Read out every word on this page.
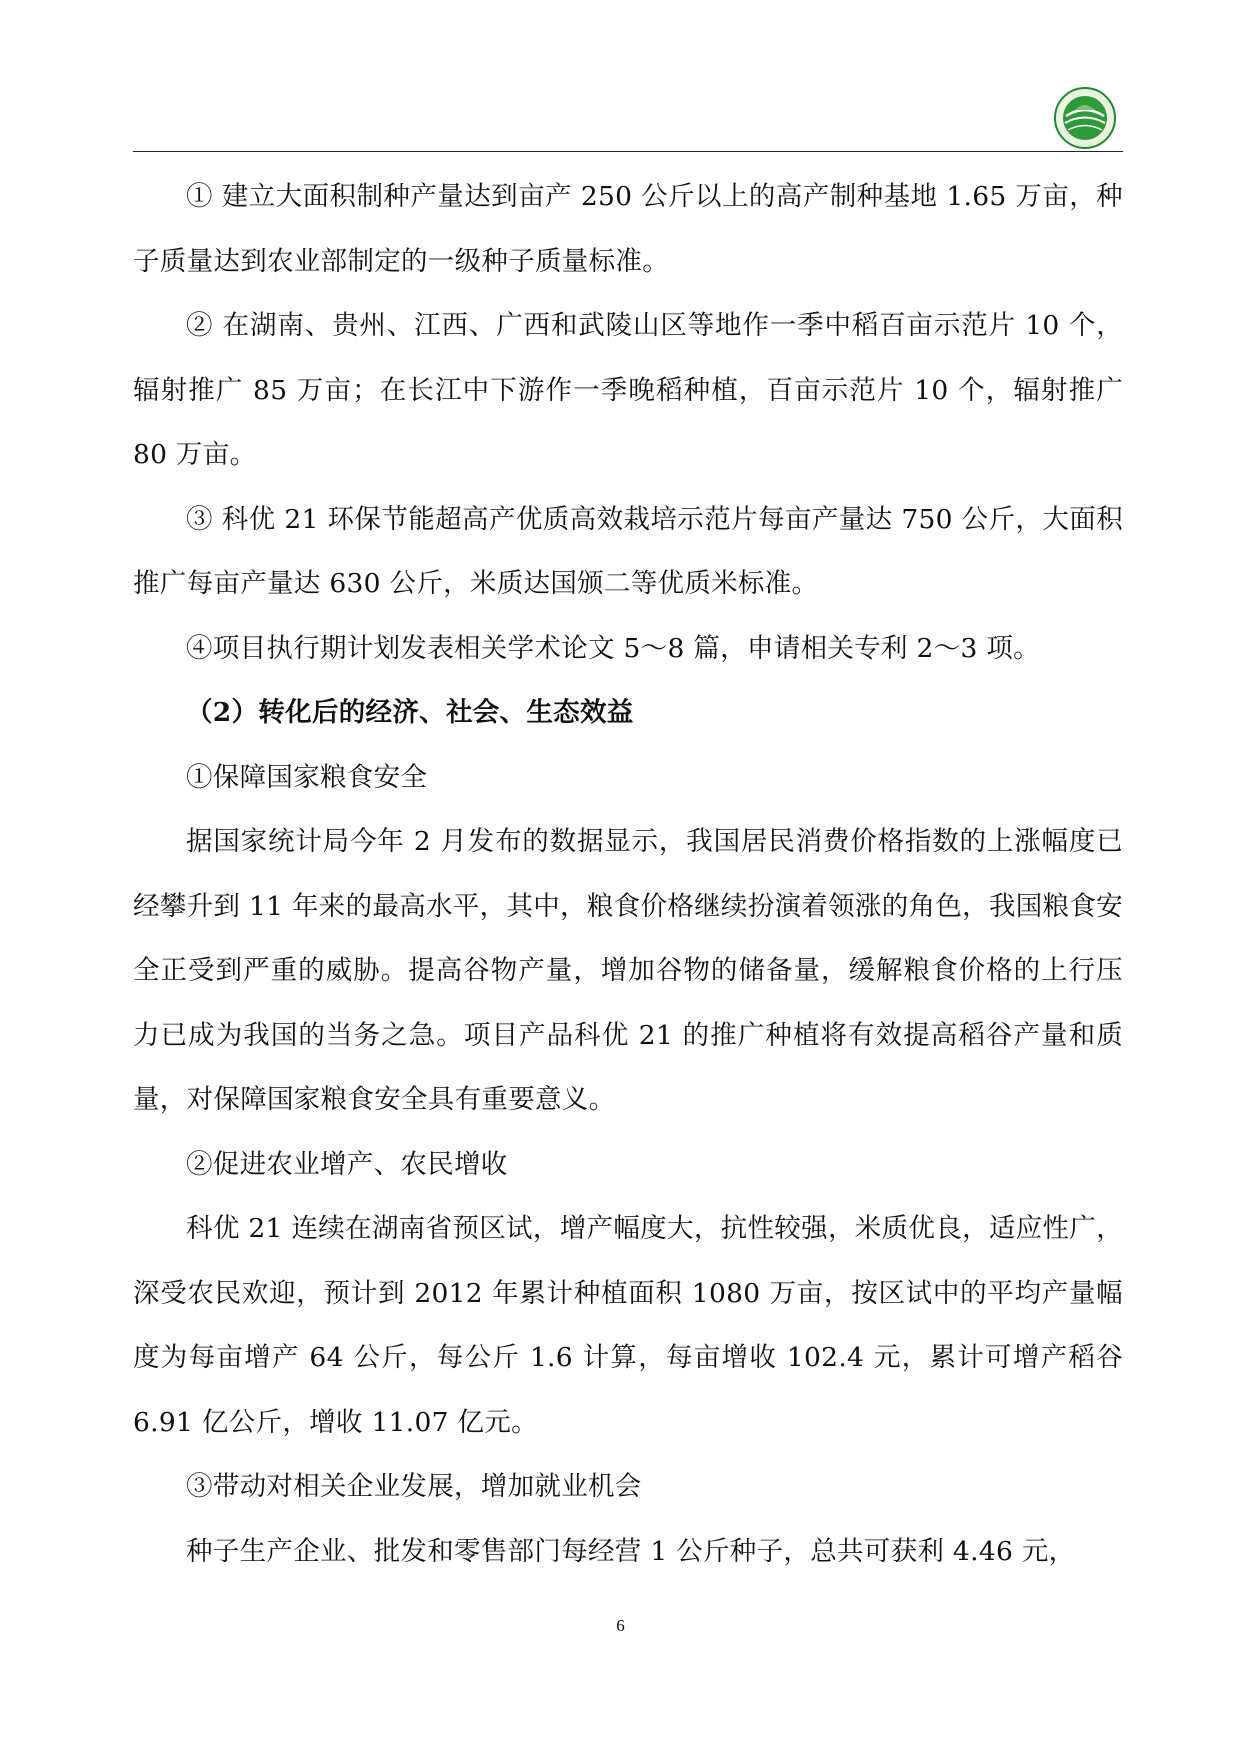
① 建立大面积制种产量达到亩产 250 公斤以上的高产制种基地 1.65 万亩，种子质量达到农业部制定的一级种子质量标准。

② 在湖南、贵州、江西、广西和武陵山区等地作一季中稻百亩示范片 10 个，辐射推广 85 万亩；在长江中下游作一季晚稻种植，百亩示范片 10 个，辐射推广 80 万亩。

③ 科优 21 环保节能超高产优质高效栽培示范片每亩产量达 750 公斤，大面积推广每亩产量达 630 公斤，米质达国颁二等优质米标准。

④项目执行期计划发表相关学术论文 5～8 篇，申请相关专利 2～3 项。

（2）转化后的经济、社会、生态效益

①保障国家粮食安全

据国家统计局今年 2 月发布的数据显示，我国居民消费价格指数的上涨幅度已经攀升到 11 年来的最高水平，其中，粮食价格继续扮演着领涨的角色，我国粮食安全正受到严重的威胁。提高谷物产量，增加谷物的储备量，缓解粮食价格的上行压力已成为我国的当务之急。项目产品科优 21 的推广种植将有效提高稻谷产量和质量，对保障国家粮食安全具有重要意义。

②促进农业增产、农民增收

科优 21 连续在湖南省预区试，增产幅度大，抗性较强，米质优良，适应性广，深受农民欢迎，预计到 2012 年累计种植面积 1080 万亩，按区试中的平均产量幅度为每亩增产 64 公斤，每公斤 1.6 计算，每亩增收 102.4 元，累计可增产稻谷 6.91 亿公斤，增收 11.07 亿元。

③带动对相关企业发展，增加就业机会

种子生产企业、批发和零售部门每经营 1 公斤种子，总共可获利 4.46 元，

6
